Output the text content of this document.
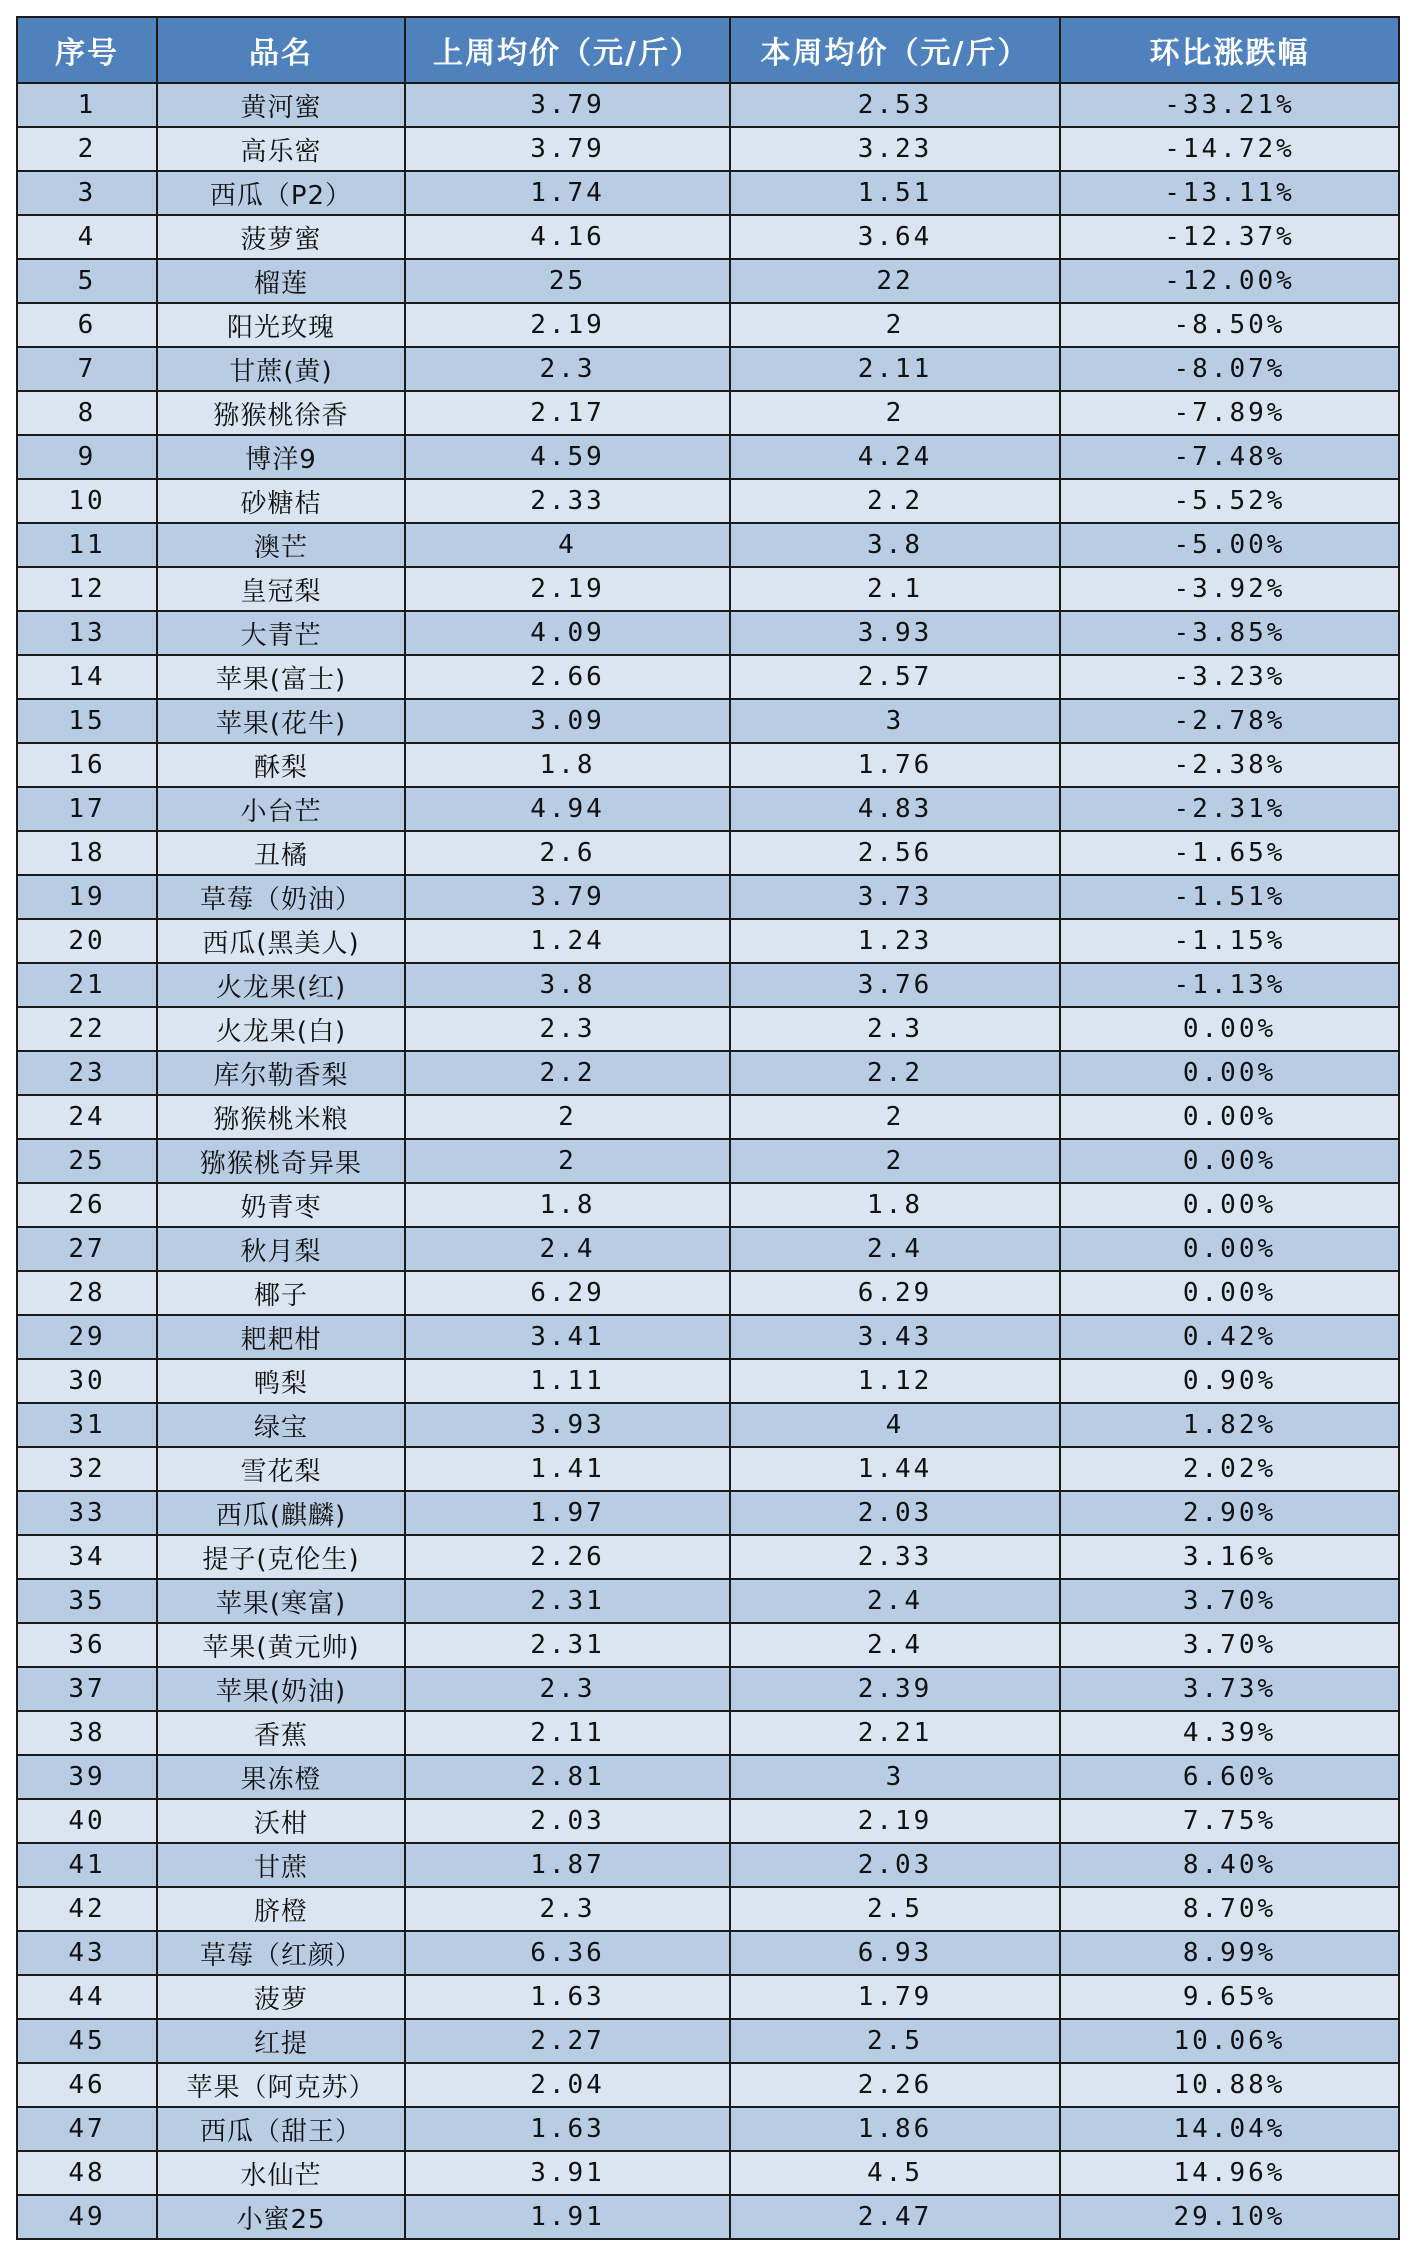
序号	品名	上周均价（元/斤）	本周均价（元/斤）	环比涨跌幅
1	黄河蜜	3.79	2.53	-33.21%
2	高乐密	3.79	3.23	-14.72%
3	西瓜（P2）	1.74	1.51	-13.11%
4	菠萝蜜	4.16	3.64	-12.37%
5	榴莲	25	22	-12.00%
6	阳光玫瑰	2.19	2	-8.50%
7	甘蔗(黄)	2.3	2.11	-8.07%
8	猕猴桃徐香	2.17	2	-7.89%
9	博洋9	4.59	4.24	-7.48%
10	砂糖桔	2.33	2.2	-5.52%
11	澳芒	4	3.8	-5.00%
12	皇冠梨	2.19	2.1	-3.92%
13	大青芒	4.09	3.93	-3.85%
14	苹果(富士)	2.66	2.57	-3.23%
15	苹果(花牛)	3.09	3	-2.78%
16	酥梨	1.8	1.76	-2.38%
17	小台芒	4.94	4.83	-2.31%
18	丑橘	2.6	2.56	-1.65%
19	草莓（奶油）	3.79	3.73	-1.51%
20	西瓜(黑美人)	1.24	1.23	-1.15%
21	火龙果(红)	3.8	3.76	-1.13%
22	火龙果(白)	2.3	2.3	0.00%
23	库尔勒香梨	2.2	2.2	0.00%
24	猕猴桃米粮	2	2	0.00%
25	猕猴桃奇异果	2	2	0.00%
26	奶青枣	1.8	1.8	0.00%
27	秋月梨	2.4	2.4	0.00%
28	椰子	6.29	6.29	0.00%
29	耙耙柑	3.41	3.43	0.42%
30	鸭梨	1.11	1.12	0.90%
31	绿宝	3.93	4	1.82%
32	雪花梨	1.41	1.44	2.02%
33	西瓜(麒麟)	1.97	2.03	2.90%
34	提子(克伦生)	2.26	2.33	3.16%
35	苹果(寒富)	2.31	2.4	3.70%
36	苹果(黄元帅)	2.31	2.4	3.70%
37	苹果(奶油)	2.3	2.39	3.73%
38	香蕉	2.11	2.21	4.39%
39	果冻橙	2.81	3	6.60%
40	沃柑	2.03	2.19	7.75%
41	甘蔗	1.87	2.03	8.40%
42	脐橙	2.3	2.5	8.70%
43	草莓（红颜）	6.36	6.93	8.99%
44	菠萝	1.63	1.79	9.65%
45	红提	2.27	2.5	10.06%
46	苹果（阿克苏）	2.04	2.26	10.88%
47	西瓜（甜王）	1.63	1.86	14.04%
48	水仙芒	3.91	4.5	14.96%
49	小蜜25	1.91	2.47	29.10%
